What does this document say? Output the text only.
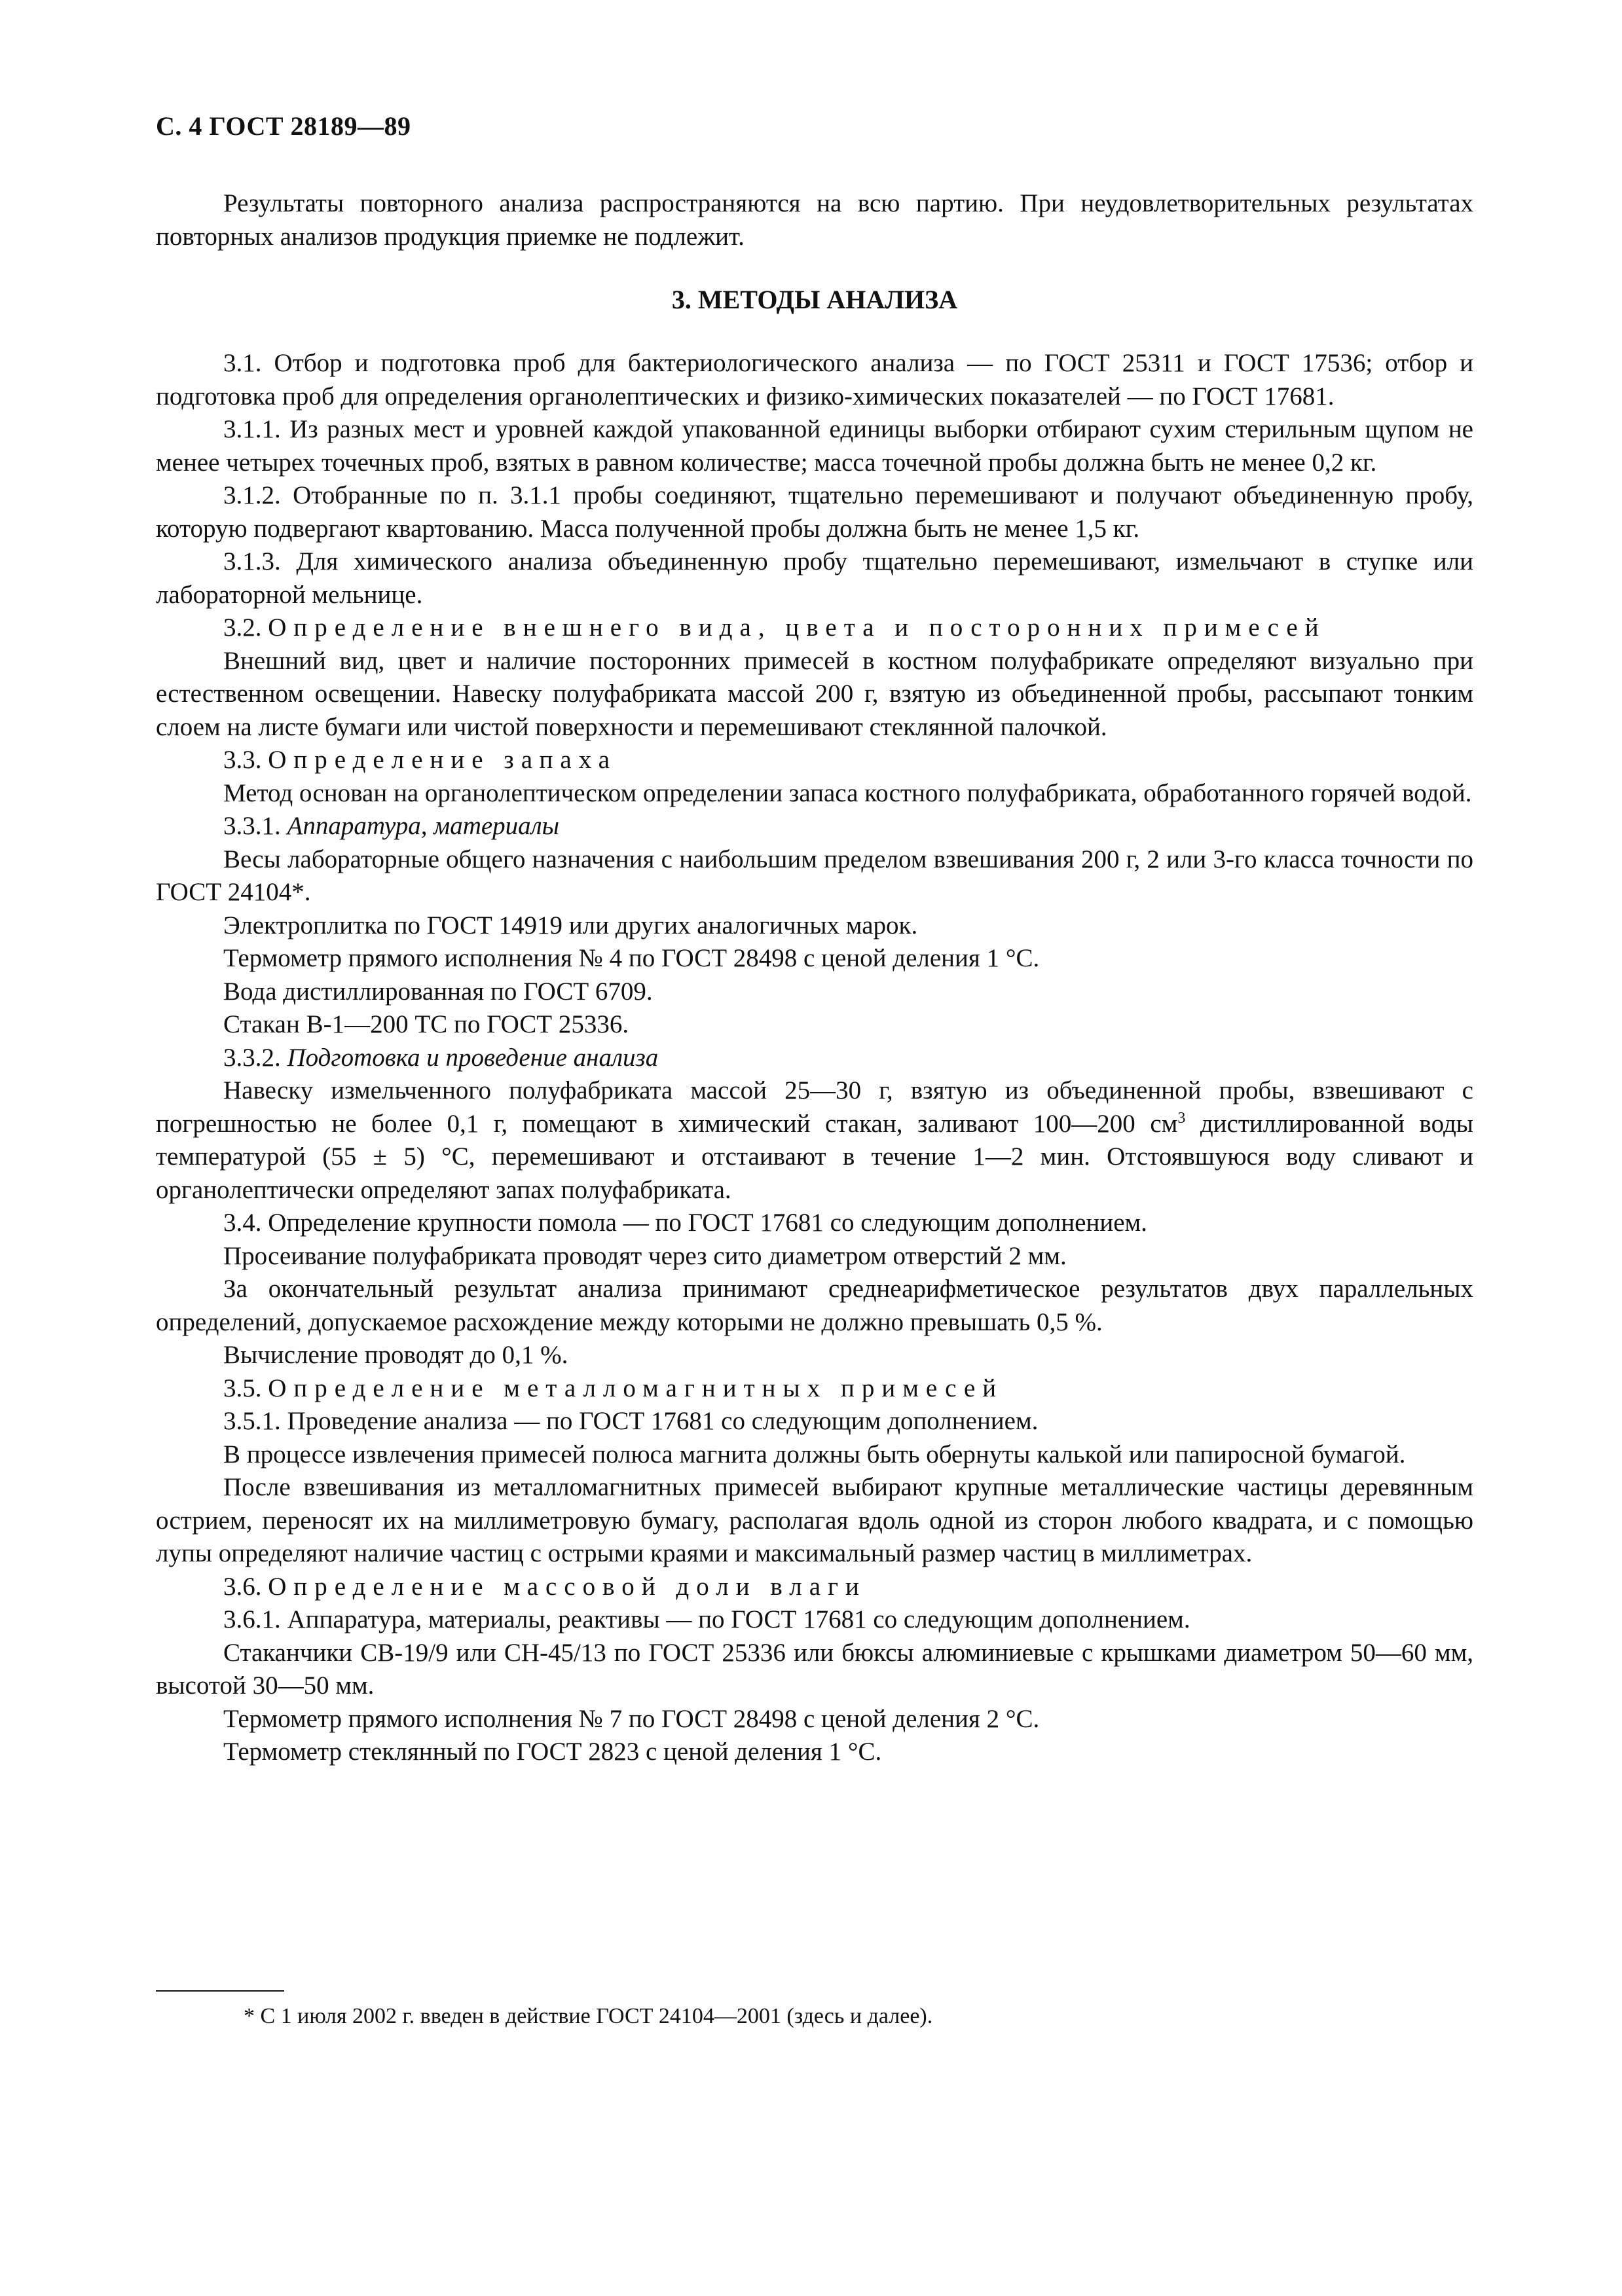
С. 4 ГОСТ 28189—89

Результаты повторного анализа распространяются на всю партию. При неудовлетворительных результатах повторных анализов продукция приемке не подлежит.

3. МЕТОДЫ АНАЛИЗА

3.1. Отбор и подготовка проб для бактериологического анализа — по ГОСТ 25311 и ГОСТ 17536; отбор и подготовка проб для определения органолептических и физико-химических показателей — по ГОСТ 17681.

3.1.1. Из разных мест и уровней каждой упакованной единицы выборки отбирают сухим стерильным щупом не менее четырех точечных проб, взятых в равном количестве; масса точечной пробы должна быть не менее 0,2 кг.

3.1.2. Отобранные по п. 3.1.1 пробы соединяют, тщательно перемешивают и получают объединенную пробу, которую подвергают квартованию. Масса полученной пробы должна быть не менее 1,5 кг.

3.1.3. Для химического анализа объединенную пробу тщательно перемешивают, измельчают в ступке или лабораторной мельнице.

3.2. Определение внешнего вида, цвета и посторонних примесей

Внешний вид, цвет и наличие посторонних примесей в костном полуфабрикате определяют визуально при естественном освещении. Навеску полуфабриката массой 200 г, взятую из объединенной пробы, рассыпают тонким слоем на листе бумаги или чистой поверхности и перемешивают стеклянной палочкой.

3.3. Определение запаха

Метод основан на органолептическом определении запаса костного полуфабриката, обработанного горячей водой.

3.3.1. Аппаратура, материалы

Весы лабораторные общего назначения с наибольшим пределом взвешивания 200 г, 2 или 3-го класса точности по ГОСТ 24104*.

Электроплитка по ГОСТ 14919 или других аналогичных марок.

Термометр прямого исполнения № 4 по ГОСТ 28498 с ценой деления 1 °С.

Вода дистиллированная по ГОСТ 6709.

Стакан В-1—200 ТС по ГОСТ 25336.

3.3.2. Подготовка и проведение анализа

Навеску измельченного полуфабриката массой 25—30 г, взятую из объединенной пробы, взвешивают с погрешностью не более 0,1 г, помещают в химический стакан, заливают 100—200 $см^3$ дистиллированной воды температурой (55 ± 5) °С, перемешивают и отстаивают в течение 1—2 мин. Отстоявшуюся воду сливают и органолептически определяют запах полуфабриката.

3.4. Определение крупности помола — по ГОСТ 17681 со следующим дополнением.

Просеивание полуфабриката проводят через сито диаметром отверстий 2 мм.

За окончательный результат анализа принимают среднеарифметическое результатов двух параллельных определений, допускаемое расхождение между которыми не должно превышать 0,5 %.

Вычисление проводят до 0,1 %.

3.5. Определение металломагнитных примесей

3.5.1. Проведение анализа — по ГОСТ 17681 со следующим дополнением.

В процессе извлечения примесей полюса магнита должны быть обернуты калькой или папиросной бумагой.

После взвешивания из металломагнитных примесей выбирают крупные металлические частицы деревянным острием, переносят их на миллиметровую бумагу, располагая вдоль одной из сторон любого квадрата, и с помощью лупы определяют наличие частиц с острыми краями и максимальный размер частиц в миллиметрах.

3.6. Определение массовой доли влаги

3.6.1. Аппаратура, материалы, реактивы — по ГОСТ 17681 со следующим дополнением.

Стаканчики СВ-19/9 или СН-45/13 по ГОСТ 25336 или бюксы алюминиевые с крышками диаметром 50—60 мм, высотой 30—50 мм.

Термометр прямого исполнения № 7 по ГОСТ 28498 с ценой деления 2 °С.

Термометр стеклянный по ГОСТ 2823 с ценой деления 1 °С.

* С 1 июля 2002 г. введен в действие ГОСТ 24104—2001 (здесь и далее).
